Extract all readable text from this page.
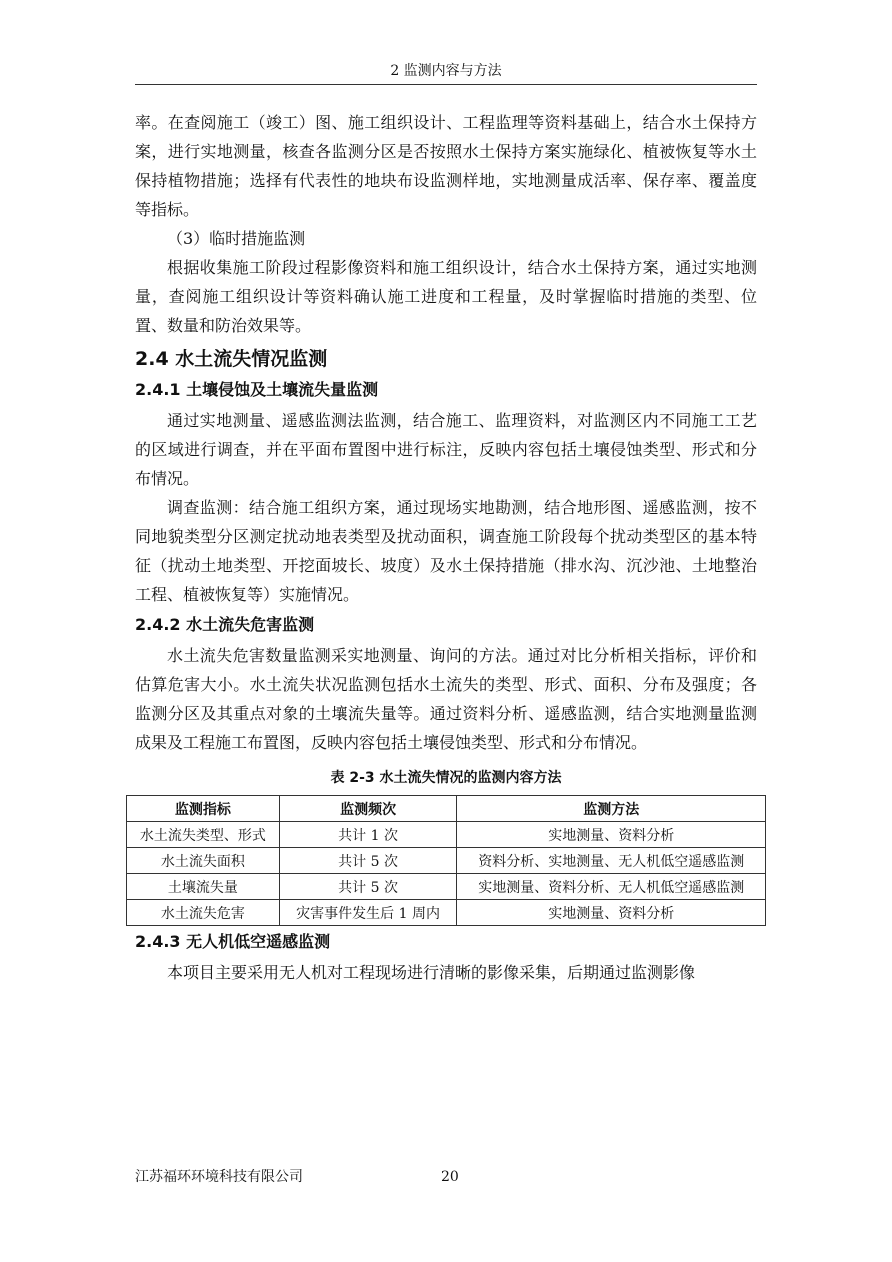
2 监测内容与方法

率。在查阅施工（竣工）图、施工组织设计、工程监理等资料基础上，结合水土保持方案，进行实地测量，核查各监测分区是否按照水土保持方案实施绿化、植被恢复等水土保持植物措施；选择有代表性的地块布设监测样地，实地测量成活率、保存率、覆盖度等指标。

（3）临时措施监测

根据收集施工阶段过程影像资料和施工组织设计，结合水土保持方案，通过实地测量，查阅施工组织设计等资料确认施工进度和工程量，及时掌握临时措施的类型、位置、数量和防治效果等。

2.4 水土流失情况监测
2.4.1 土壤侵蚀及土壤流失量监测

通过实地测量、遥感监测法监测，结合施工、监理资料，对监测区内不同施工工艺的区域进行调查，并在平面布置图中进行标注，反映内容包括土壤侵蚀类型、形式和分布情况。

调查监测：结合施工组织方案，通过现场实地勘测，结合地形图、遥感监测，按不同地貌类型分区测定扰动地表类型及扰动面积，调查施工阶段每个扰动类型区的基本特征（扰动土地类型、开挖面坡长、坡度）及水土保持措施（排水沟、沉沙池、土地整治工程、植被恢复等）实施情况。

2.4.2 水土流失危害监测

水土流失危害数量监测采实地测量、询问的方法。通过对比分析相关指标，评价和估算危害大小。水土流失状况监测包括水土流失的类型、形式、面积、分布及强度；各监测分区及其重点对象的土壤流失量等。通过资料分析、遥感监测，结合实地测量监测成果及工程施工布置图，反映内容包括土壤侵蚀类型、形式和分布情况。

表 2-3 水土流失情况的监测内容方法
监测指标	监测频次	监测方法
水土流失类型、形式	共计 1 次	实地测量、资料分析
水土流失面积	共计 5 次	资料分析、实地测量、无人机低空遥感监测
土壤流失量	共计 5 次	实地测量、资料分析、无人机低空遥感监测
水土流失危害	灾害事件发生后 1 周内	实地测量、资料分析
2.4.3 无人机低空遥感监测

本项目主要采用无人机对工程现场进行清晰的影像采集，后期通过监测影像

江苏福环环境科技有限公司	20
